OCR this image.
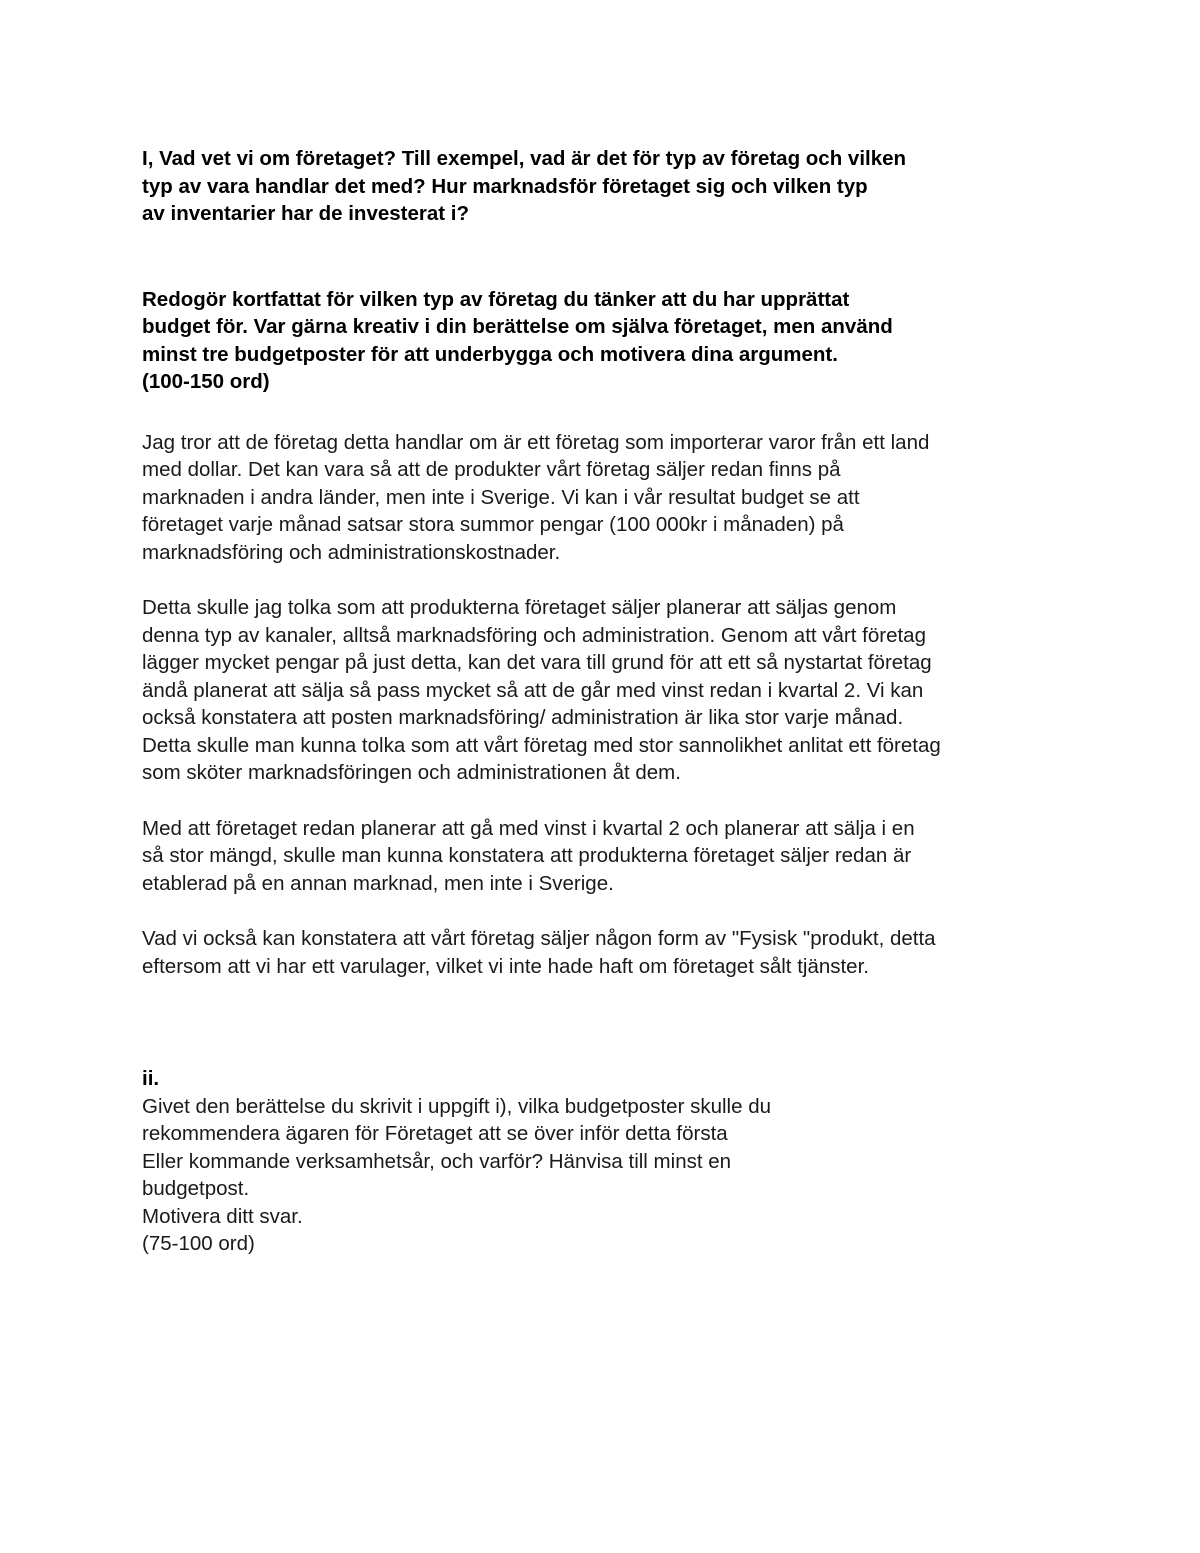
I, Vad vet vi om företaget? Till exempel, vad är det för typ av företag och vilken
typ av vara handlar det med? Hur marknadsför företaget sig och vilken typ
av inventarier har de investerat i?
Redogör kortfattat för vilken typ av företag du tänker att du har upprättat
budget för. Var gärna kreativ i din berättelse om själva företaget, men använd
minst tre budgetposter för att underbygga och motivera dina argument.
(100-150 ord)
Jag tror att de företag detta handlar om är ett företag som importerar varor från ett land
med dollar. Det kan vara så att de produkter vårt företag säljer redan finns på
marknaden i andra länder, men inte i Sverige. Vi kan i vår resultat budget se att
företaget varje månad satsar stora summor pengar (100 000kr i månaden) på
marknadsföring och administrationskostnader.
Detta skulle jag tolka som att produkterna företaget säljer planerar att säljas genom
denna typ av kanaler, alltså marknadsföring och administration. Genom att vårt företag
lägger mycket pengar på just detta, kan det vara till grund för att ett så nystartat företag
ändå planerat att sälja så pass mycket så att de går med vinst redan i kvartal 2. Vi kan
också konstatera att posten marknadsföring/ administration är lika stor varje månad.
Detta skulle man kunna tolka som att vårt företag med stor sannolikhet anlitat ett företag
som sköter marknadsföringen och administrationen åt dem.
Med att företaget redan planerar att gå med vinst i kvartal 2 och planerar att sälja i en
så stor mängd, skulle man kunna konstatera att produkterna företaget säljer redan är
etablerad på en annan marknad, men inte i Sverige.
Vad vi också kan konstatera att vårt företag säljer någon form av "Fysisk "produkt, detta
eftersom att vi har ett varulager, vilket vi inte hade haft om företaget sålt tjänster.
ii.
Givet den berättelse du skrivit i uppgift i), vilka budgetposter skulle du
rekommendera ägaren för Företaget att se över inför detta första
Eller kommande verksamhetsår, och varför? Hänvisa till minst en
budgetpost.
Motivera ditt svar.
(75-100 ord)
